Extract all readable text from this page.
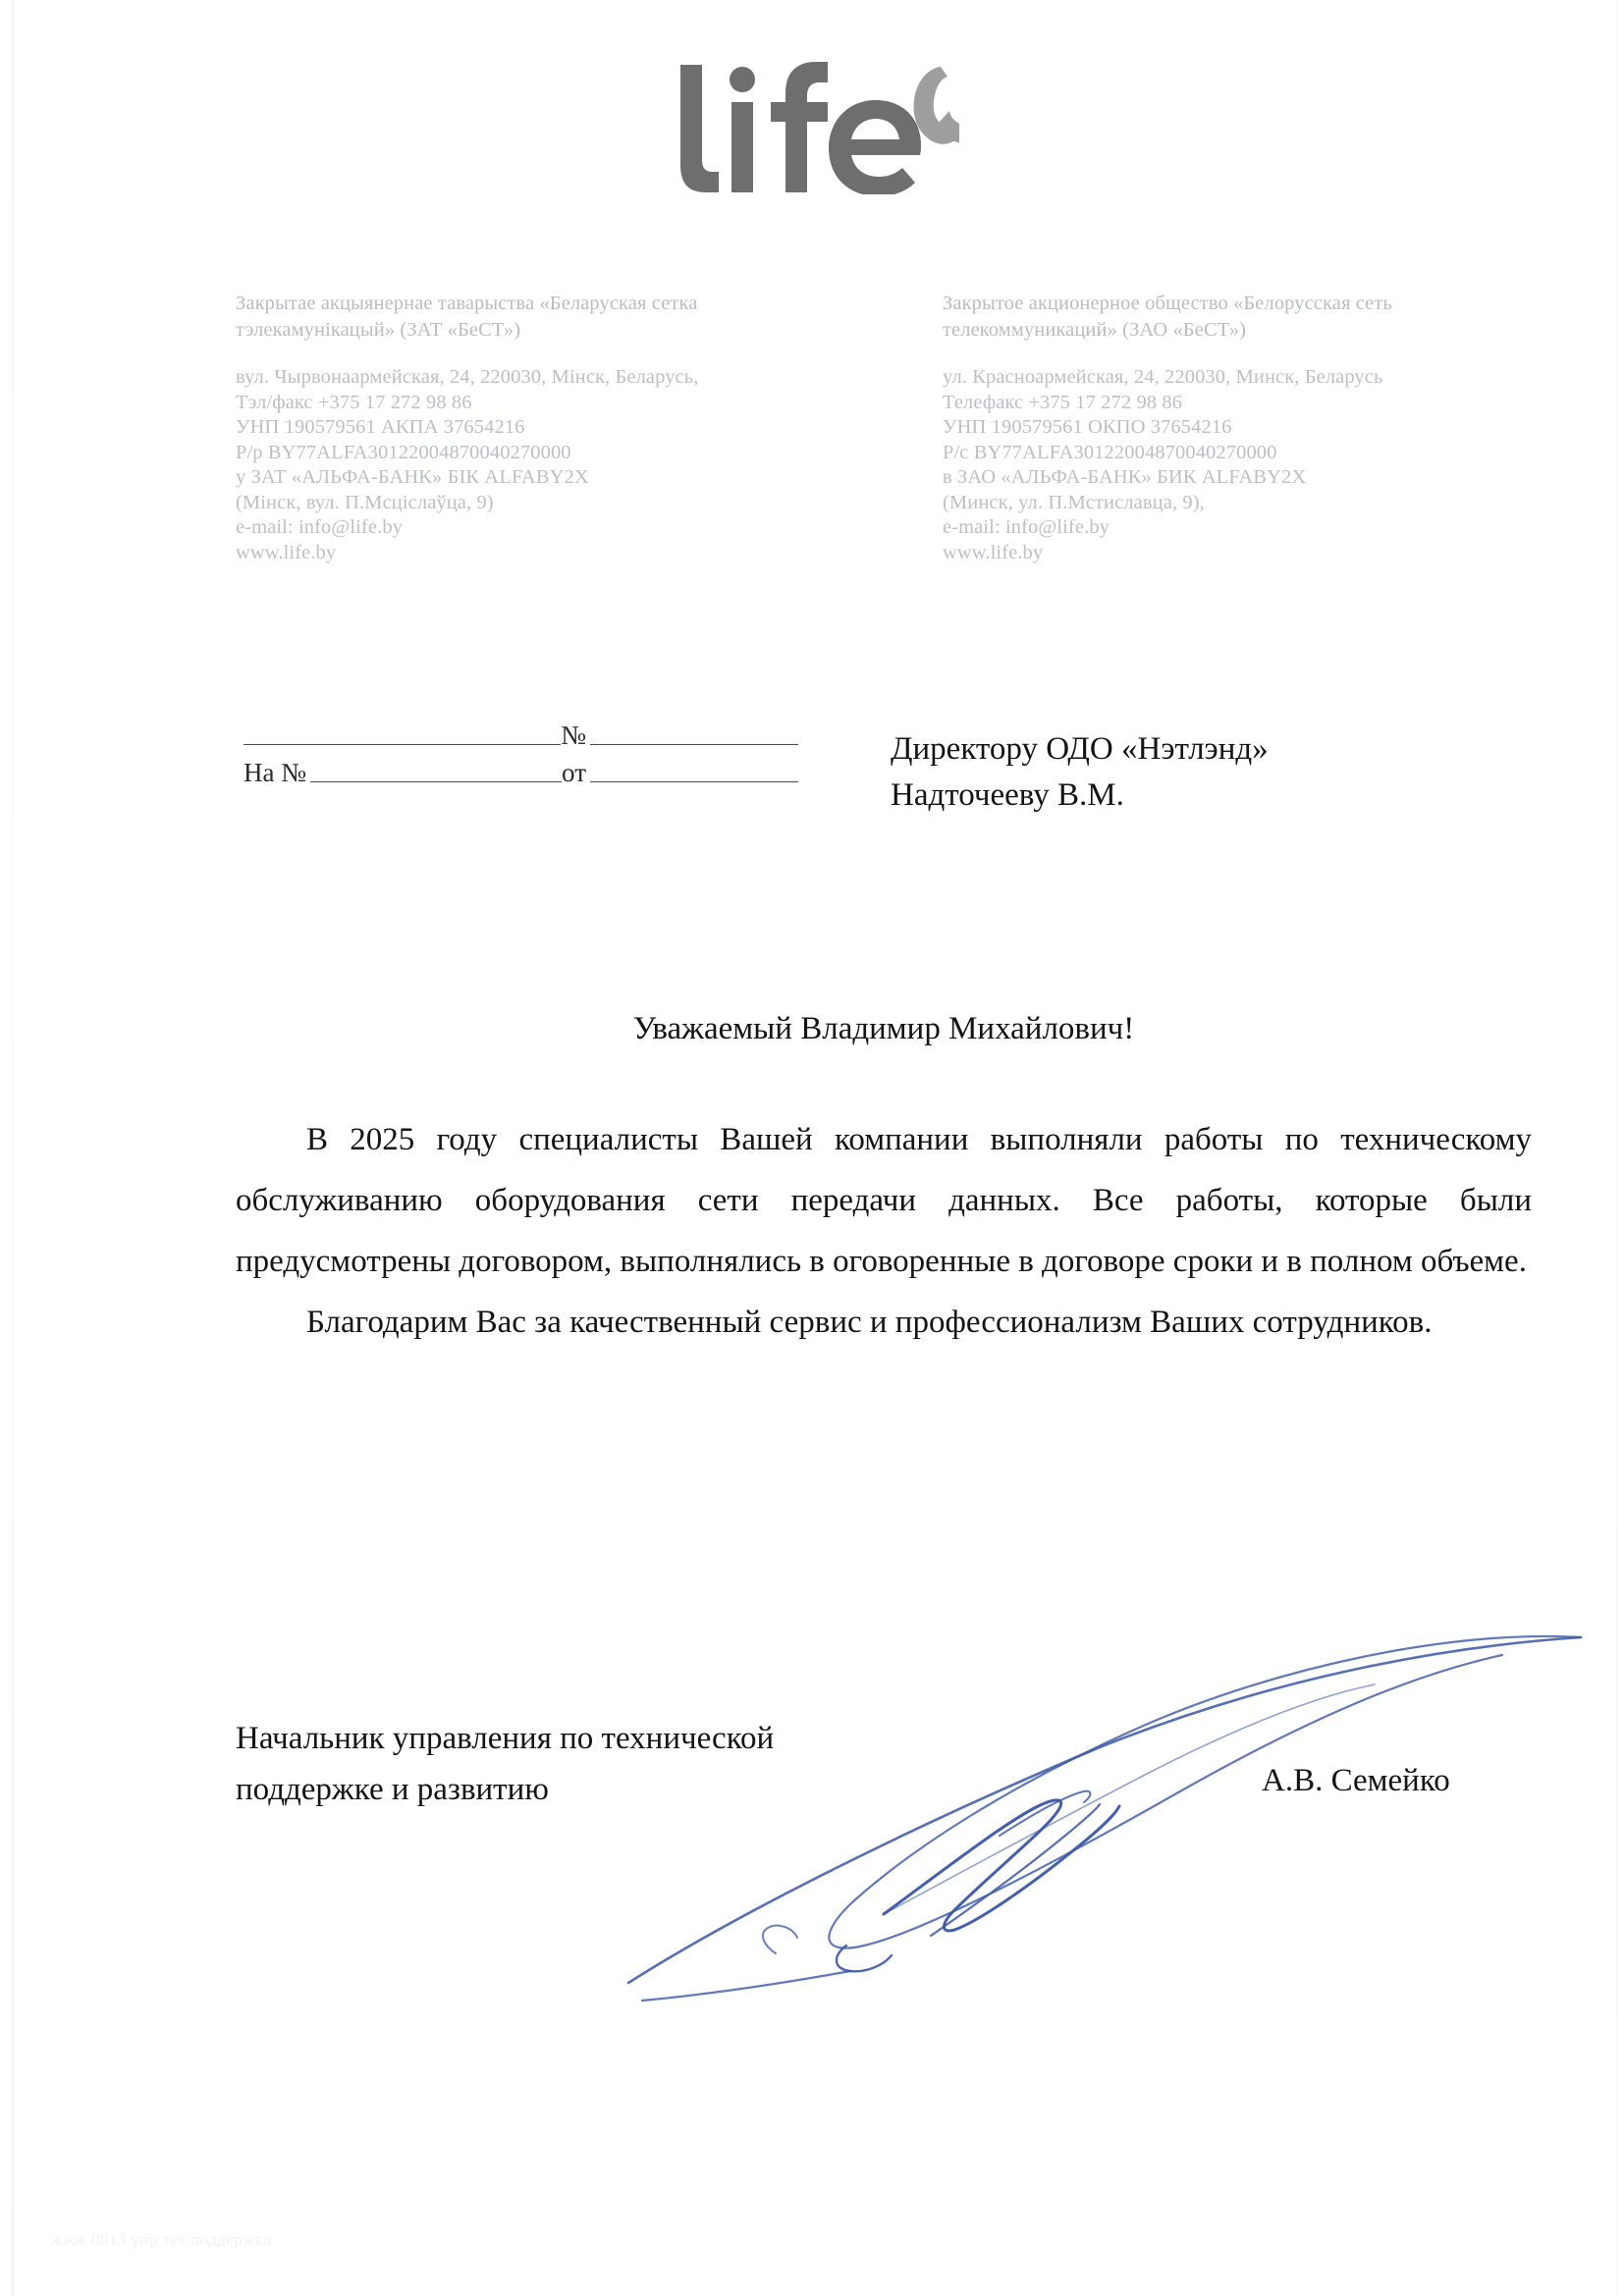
Закрытае акцыянернае таварыства «Беларуская сетка тэлекамунікацый» (ЗАТ «БeСТ»)
вул. Чырвонаармейская, 24, 220030, Мінск, Беларусь,
Тэл/факс +375 17 272 98 86
УНП 190579561 АКПА 37654216
Р/р BY77ALFA30122004870040270000
у ЗАТ «АЛЬФА-БАНК» БІК ALFABY2X
(Мінск, вул. П.Мсціслаўца, 9)
e-mail: info@life.by
www.life.by
Закрытое акционерное общество «Белорусская сеть телекоммуникаций» (ЗАО «БеСТ»)
ул. Красноармейская, 24, 220030, Минск, Беларусь
Телефакс +375 17 272 98 86
УНП 190579561 ОКПО 37654216
Р/с BY77ALFA30122004870040270000
в ЗАО «АЛЬФА-БАНК» БИК ALFABY2X
(Минск, ул. П.Мстиславца, 9),
e-mail: info@life.by
www.life.by
№
На №	от
Директору ОДО «Нэтлэнд»
Надточееву В.М.
Уважаемый Владимир Михайлович!

В 2025 году специалисты Вашей компании выполняли работы по техническому обслуживанию оборудования сети передачи данных. Все работы, которые были предусмотрены договором, выполнялись в оговоренные в договоре сроки и в полном объеме.

Благодарим Вас за качественный сервис и профессионализм Ваших сотрудников.

Начальник управления по технической
поддержке и развитию	А.В. Семейко
жжж 0013 упр тех поддержки
